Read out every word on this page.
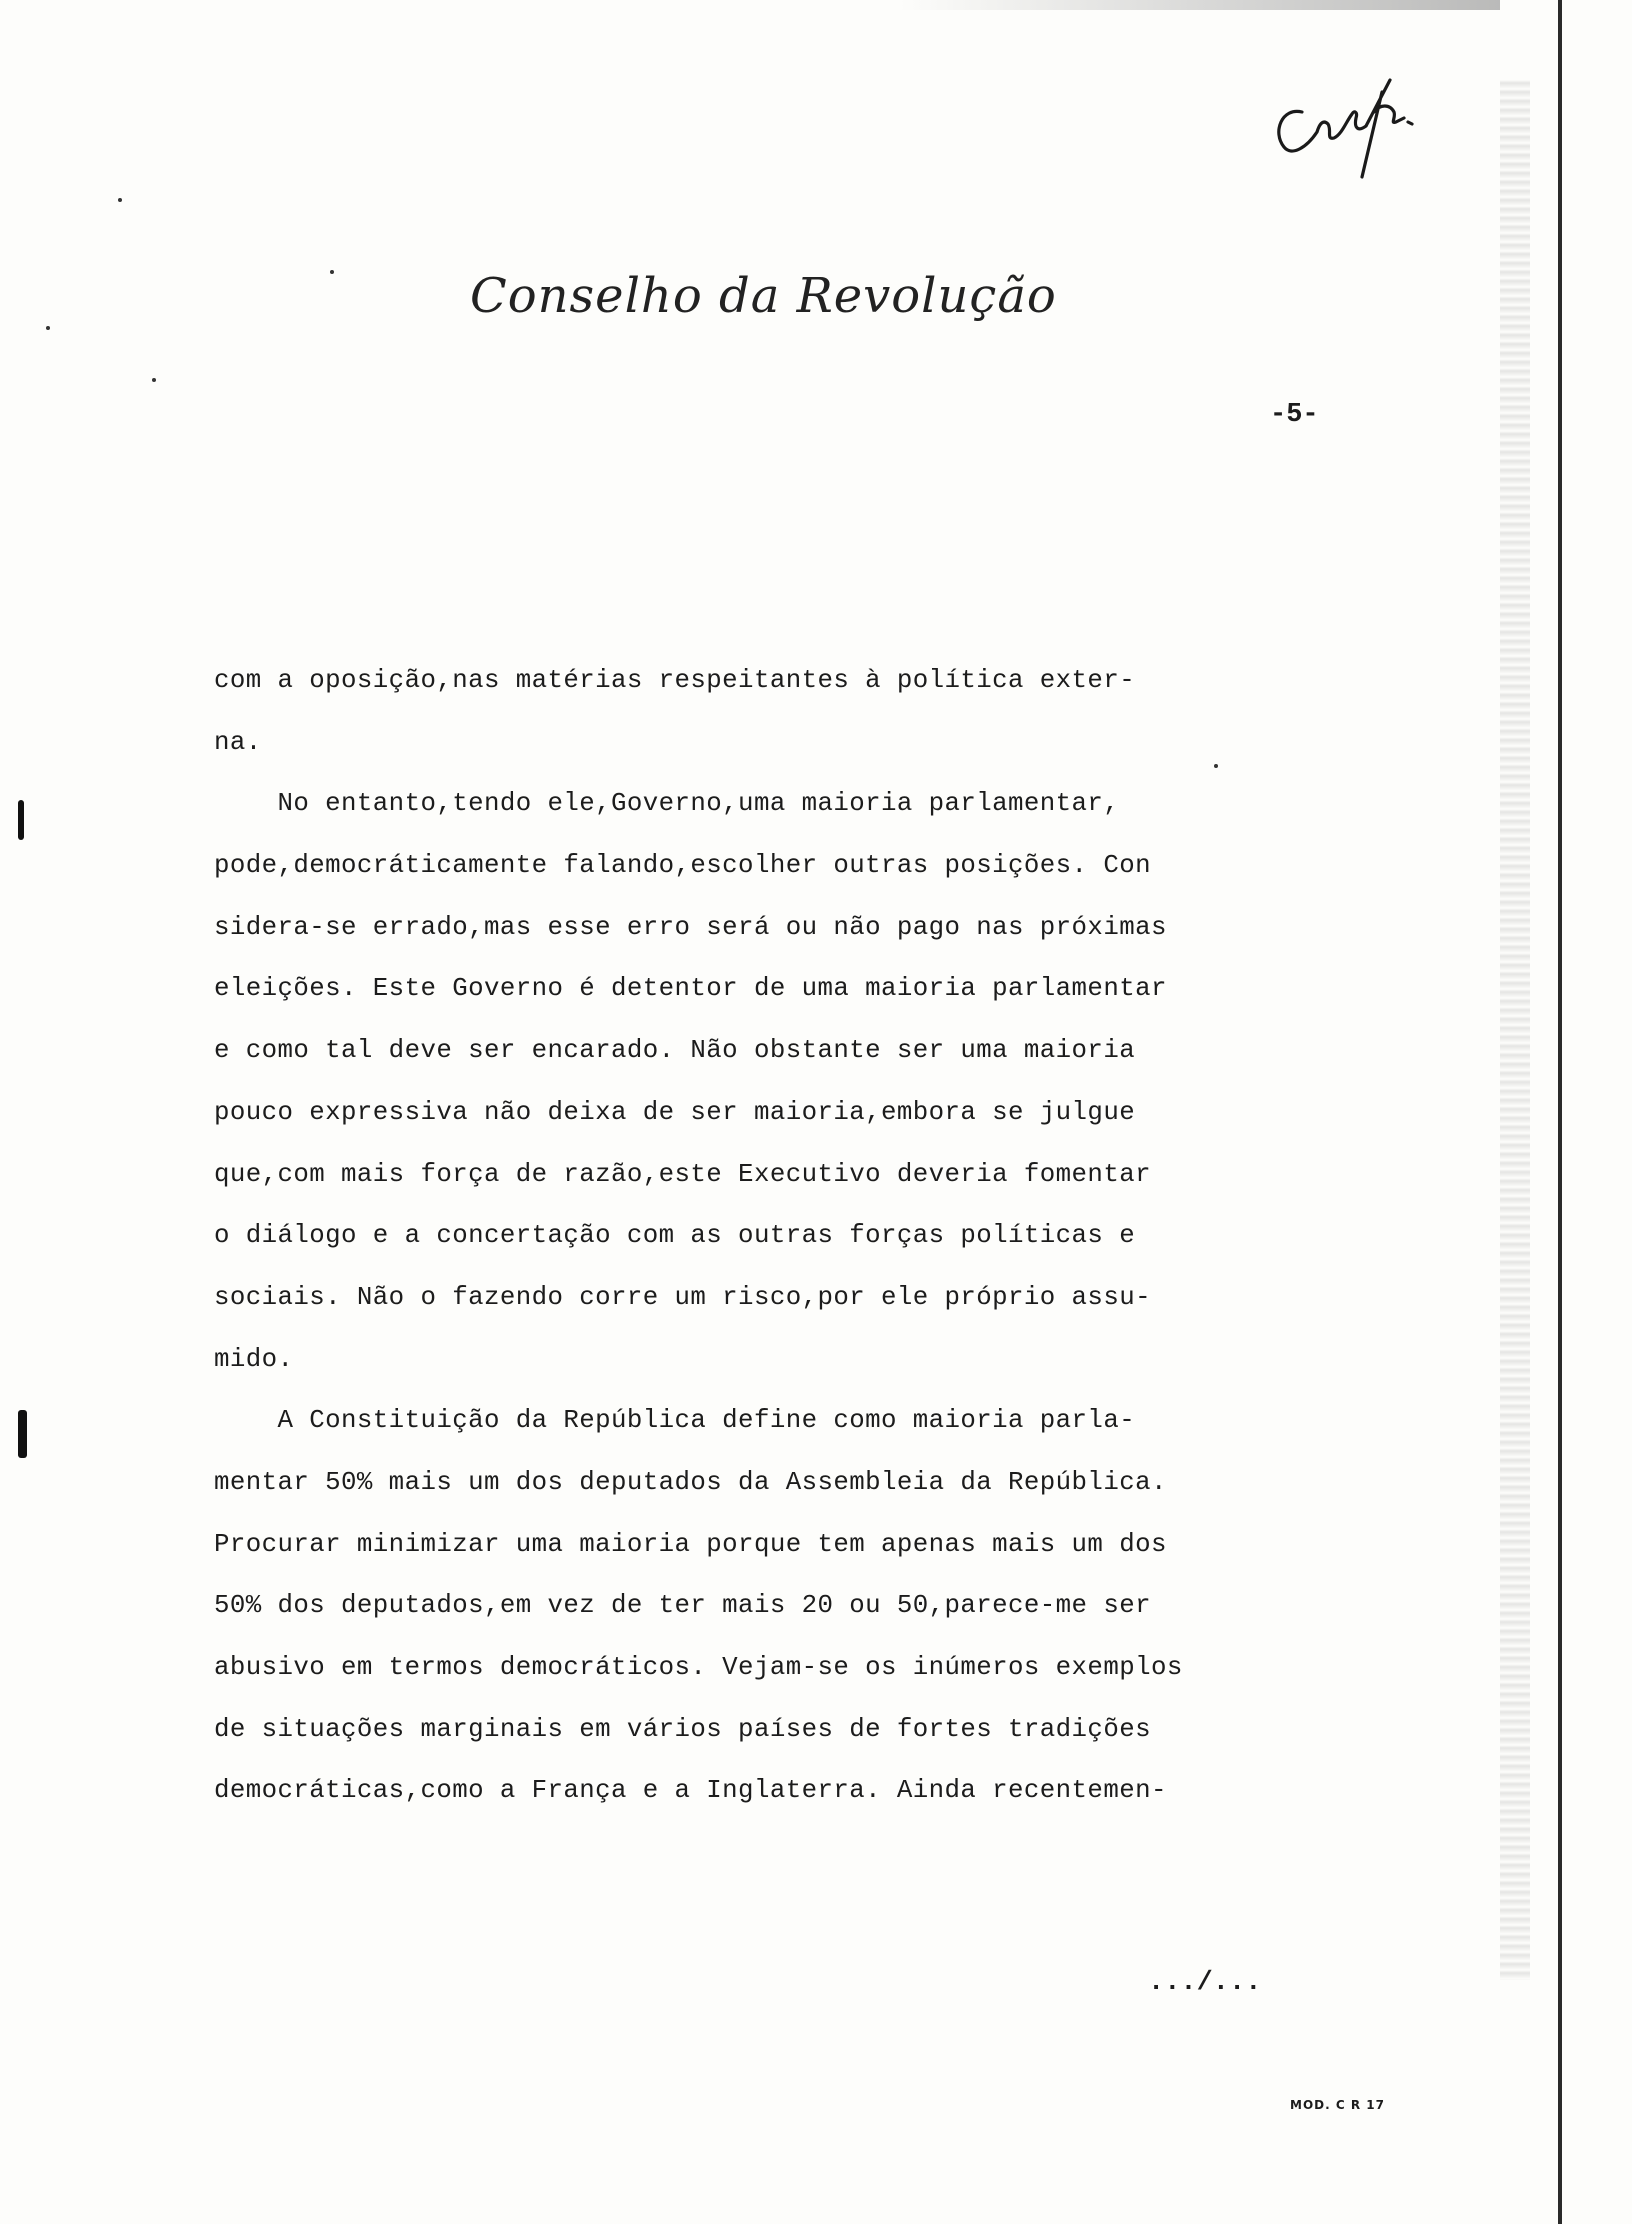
Conselho da Revolução
-5-
com a oposição,nas matérias respeitantes à política exter-
na.
No entanto,tendo ele,Governo,uma maioria parlamentar,
pode,democráticamente falando,escolher outras posições. Con
sidera-se errado,mas esse erro será ou não pago nas próximas
eleições. Este Governo é detentor de uma maioria parlamentar
e como tal deve ser encarado. Não obstante ser uma maioria
pouco expressiva não deixa de ser maioria,embora se julgue
que,com mais força de razão,este Executivo deveria fomentar
o diálogo e a concertação com as outras forças políticas e
sociais. Não o fazendo corre um risco,por ele próprio assu-
mido.
A Constituição da República define como maioria parla-
mentar 50% mais um dos deputados da Assembleia da República.
Procurar minimizar uma maioria porque tem apenas mais um dos
50% dos deputados,em vez de ter mais 20 ou 50,parece-me ser
abusivo em termos democráticos. Vejam-se os inúmeros exemplos
de situações marginais em vários países de fortes tradições
democráticas,como a França e a Inglaterra. Ainda recentemen-
.../...
MOD. C R 17
